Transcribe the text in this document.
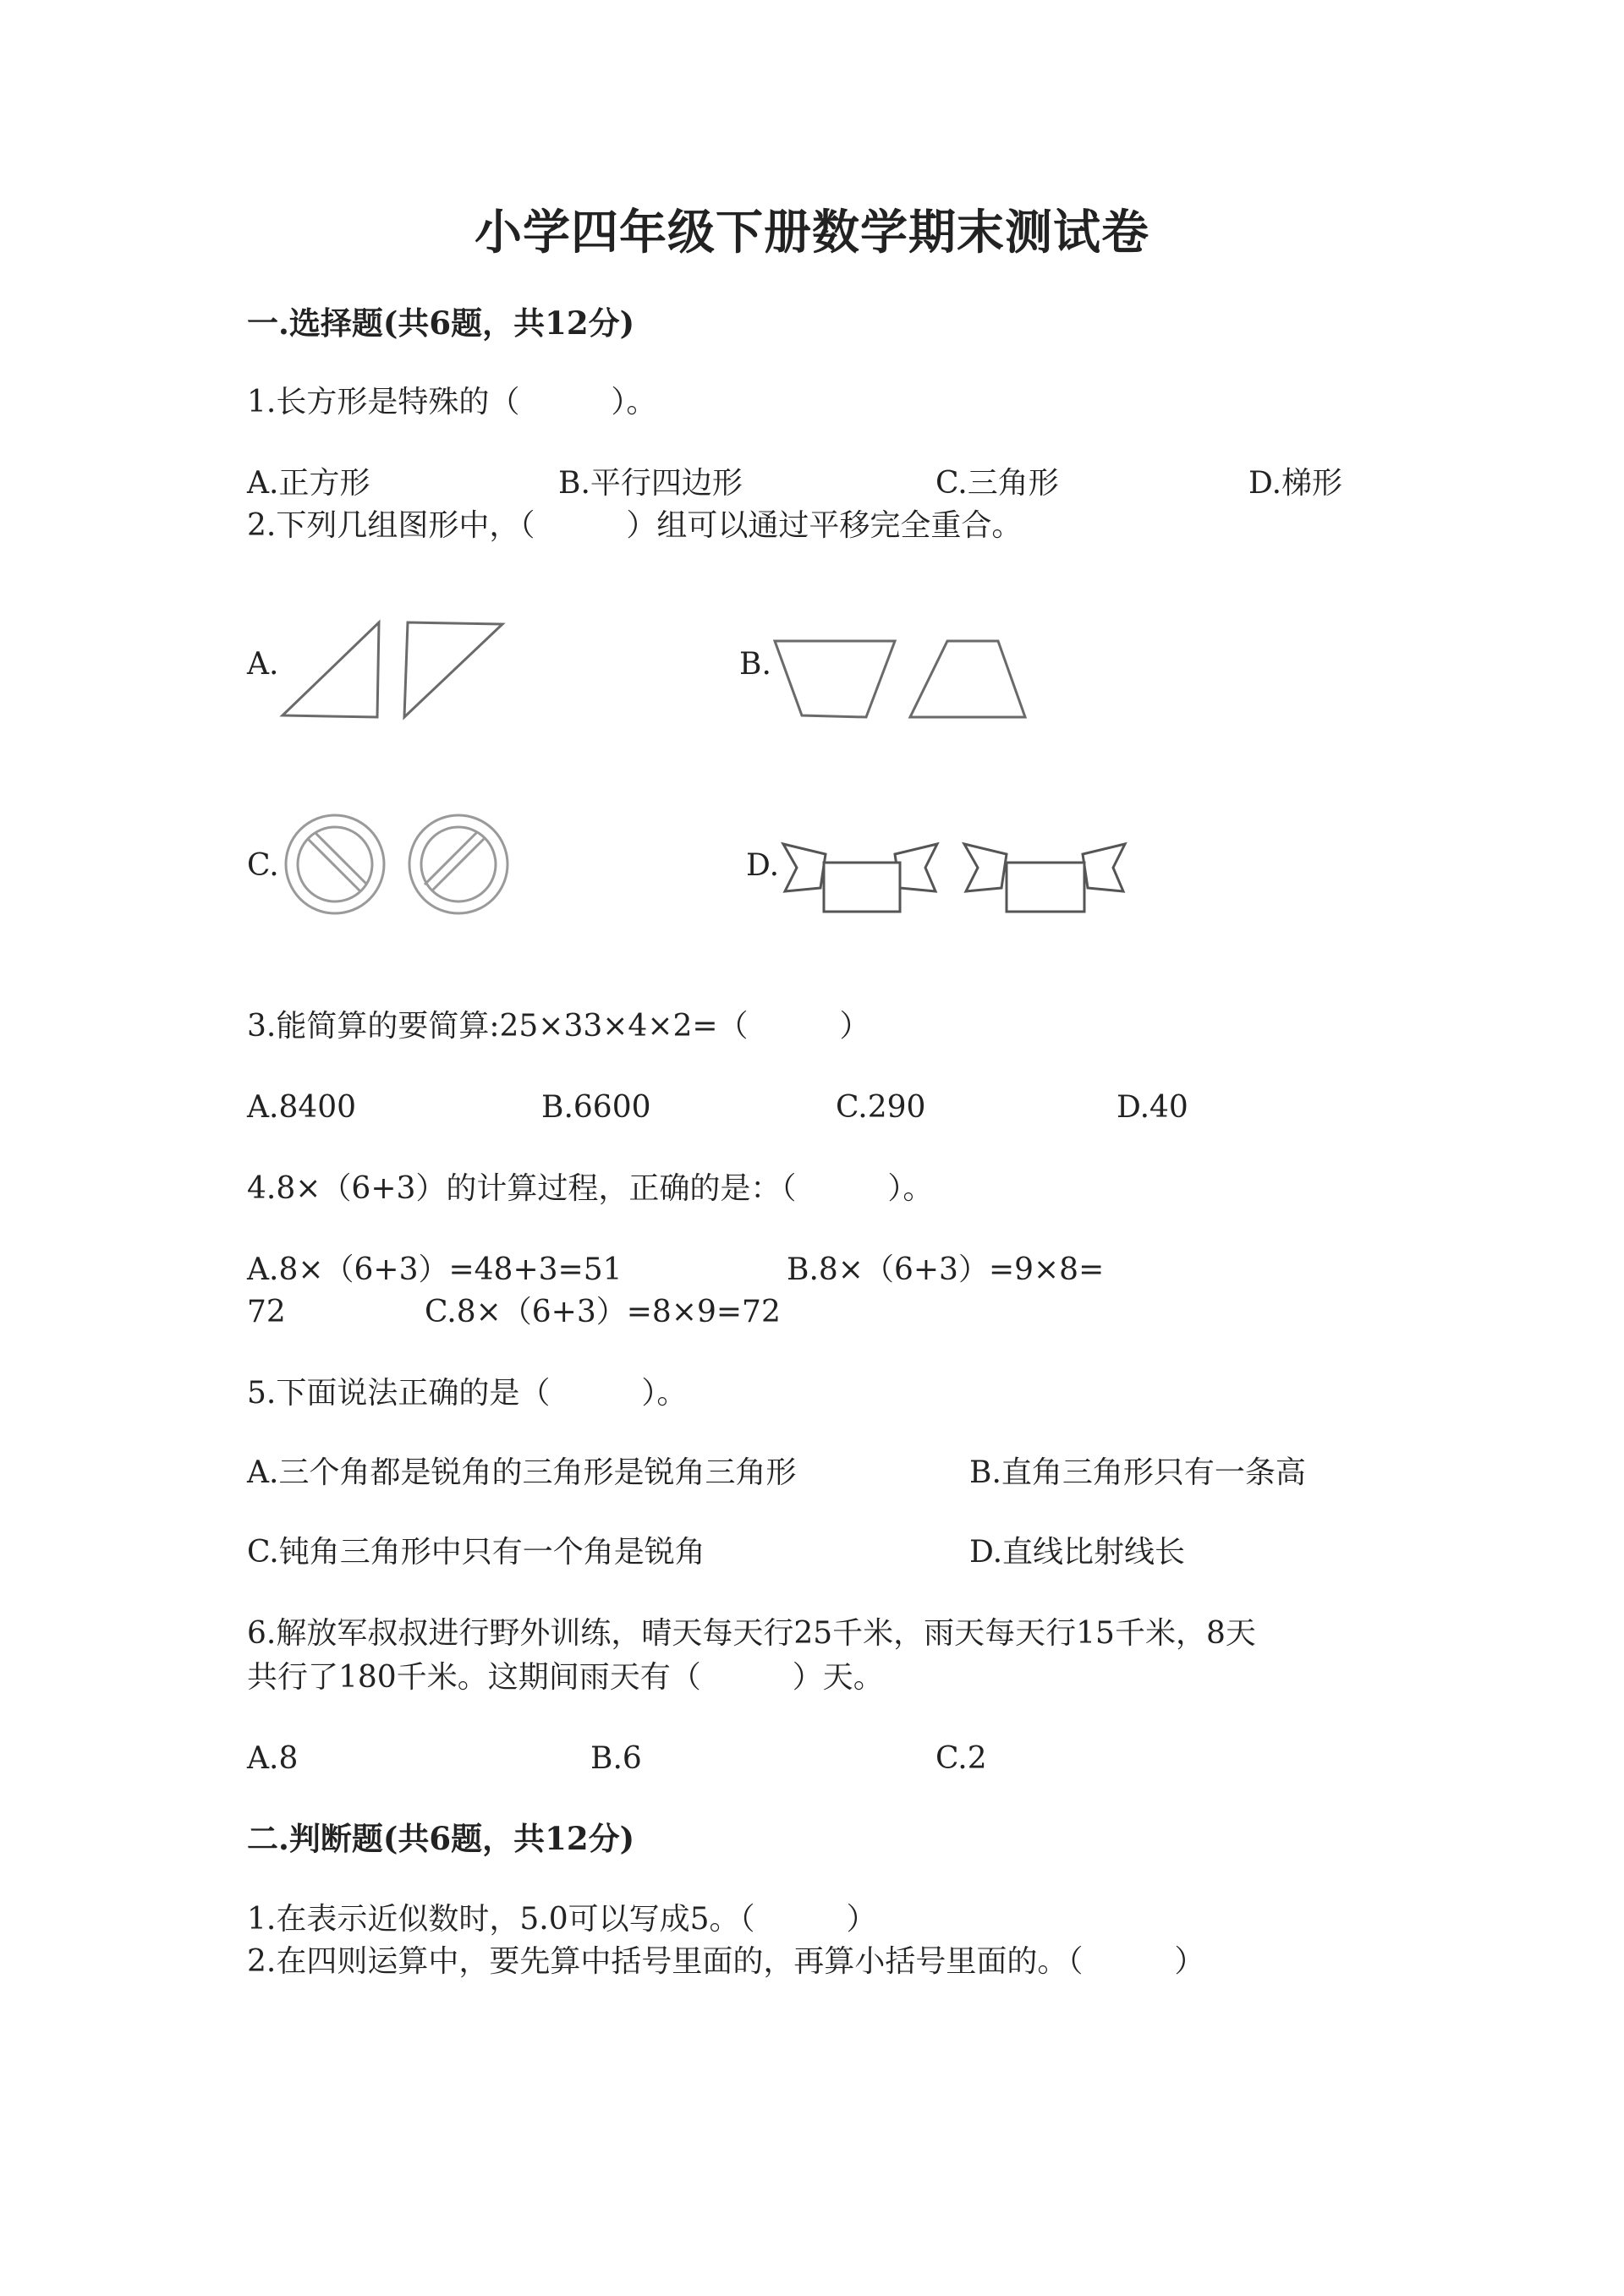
小学四年级下册数学期末测试卷
一.选择题(共6题，共12分)
1.长方形是特殊的（　　　）。
A.正方形	B.平行四边形	C.三角形	D.梯形
2.下列几组图形中，（　　　）组可以通过平移完全重合。
A.	B.
C.	D.
3.能简算的要简算:25×33×4×2=（　　　）
A.8400	B.6600	C.290	D.40
4.8×（6+3）的计算过程，正确的是：（　　　）。
A.8×（6+3）=48+3=51	B.8×（6+3）=9×8=
72	C.8×（6+3）=8×9=72
5.下面说法正确的是（　　　）。
A.三个角都是锐角的三角形是锐角三角形	B.直角三角形只有一条高
C.钝角三角形中只有一个角是锐角	D.直线比射线长
6.解放军叔叔进行野外训练，晴天每天行25千米，雨天每天行15千米，8天
共行了180千米。这期间雨天有（　　　）天。
A.8	B.6	C.2
二.判断题(共6题，共12分)
1.在表示近似数时，5.0可以写成5。（　　　）
2.在四则运算中，要先算中括号里面的，再算小括号里面的。（　　　）
